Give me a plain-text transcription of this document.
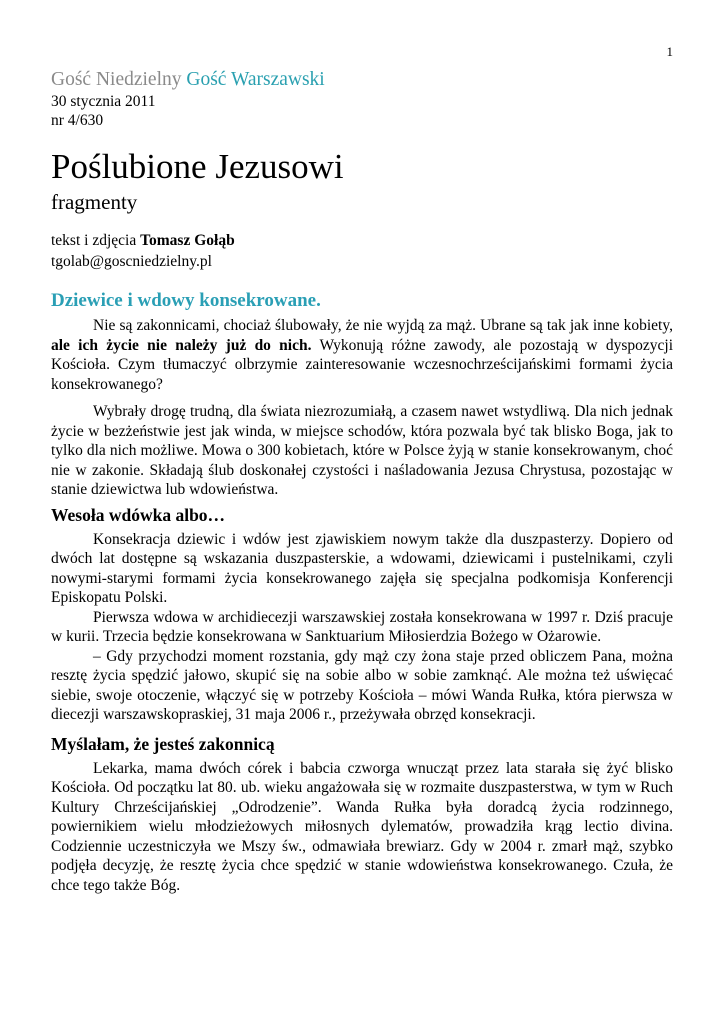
1
Gość Niedzielny Gość Warszawski
30 stycznia 2011
nr 4/630
Poślubione Jezusowi
fragmenty
tekst i zdjęcia Tomasz Gołąb
tgolab@goscniedzielny.pl
Dziewice i wdowy konsekrowane.

Nie są zakonnicami, chociaż ślubowały, że nie wyjdą za mąż. Ubrane są tak jak inne kobiety, ale ich życie nie należy już do nich. Wykonują różne zawody, ale pozostają w dyspozycji Kościoła. Czym tłumaczyć olbrzymie zainteresowanie wczesnochrześcijańskimi formami życia konsekrowanego?

Wybrały drogę trudną, dla świata niezrozumiałą, a czasem nawet wstydliwą. Dla nich jednak życie w bezżeństwie jest jak winda, w miejsce schodów, która pozwala być tak blisko Boga, jak to tylko dla nich możliwe. Mowa o 300 kobietach, które w Polsce żyją w stanie konsekrowanym, choć nie w zakonie. Składają ślub doskonałej czystości i naśladowania Jezusa Chrystusa, pozostając w stanie dziewictwa lub wdowieństwa.

Wesoła wdówka albo…

Konsekracja dziewic i wdów jest zjawiskiem nowym także dla duszpasterzy. Dopiero od dwóch lat dostępne są wskazania duszpasterskie, a wdowami, dziewicami i pustelnikami, czyli nowymi-starymi formami życia konsekrowanego zajęła się specjalna podkomisja Konferencji Episkopatu Polski.

Pierwsza wdowa w archidiecezji warszawskiej została konsekrowana w 1997 r. Dziś pracuje w kurii. Trzecia będzie konsekrowana w Sanktuarium Miłosierdzia Bożego w Ożarowie.

– Gdy przychodzi moment rozstania, gdy mąż czy żona staje przed obliczem Pana, można resztę życia spędzić jałowo, skupić się na sobie albo w sobie zamknąć. Ale można też uświęcać siebie, swoje otoczenie, włączyć się w potrzeby Kościoła – mówi Wanda Rułka, która pierwsza w diecezji warszawskopraskiej, 31 maja 2006 r., przeżywała obrzęd konsekracji.

Myślałam, że jesteś zakonnicą

Lekarka, mama dwóch córek i babcia czworga wnucząt przez lata starała się żyć blisko Kościoła. Od początku lat 80. ub. wieku angażowała się w rozmaite duszpasterstwa, w tym w Ruch Kultury Chrześcijańskiej „Odrodzenie”. Wanda Rułka była doradcą życia rodzinnego, powiernikiem wielu młodzieżowych miłosnych dylematów, prowadziła krąg lectio divina. Codziennie uczestniczyła we Mszy św., odmawiała brewiarz. Gdy w 2004 r. zmarł mąż, szybko podjęła decyzję, że resztę życia chce spędzić w stanie wdowieństwa konsekrowanego. Czuła, że chce tego także Bóg.
